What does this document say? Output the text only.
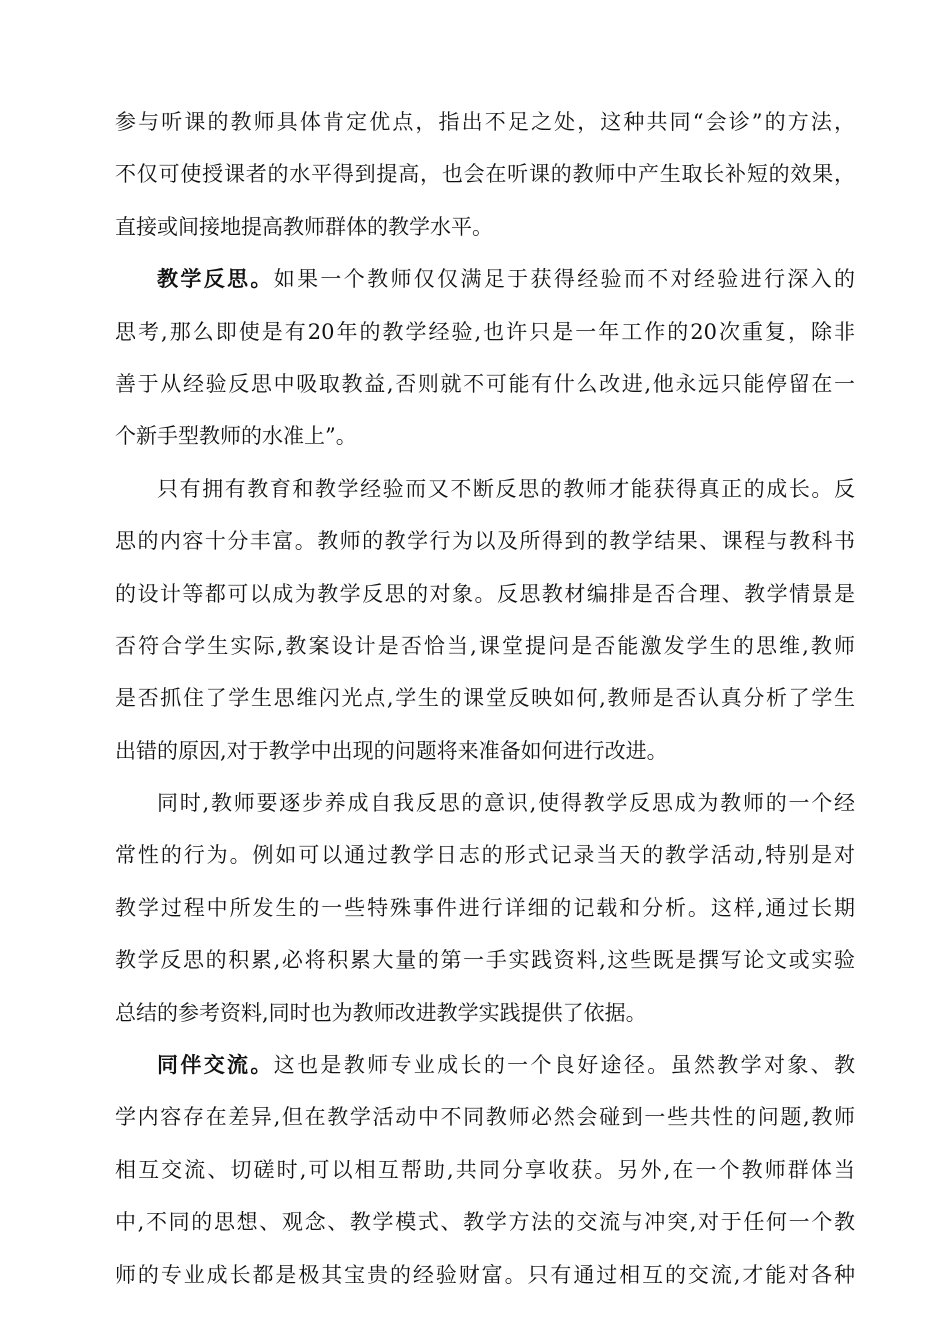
参与听课的教师具体肯定优点，指出不足之处，这种共同“会诊”的方法，
不仅可使授课者的水平得到提高，也会在听课的教师中产生取长补短的效果，
直接或间接地提高教师群体的教学水平。
教学反思。如果一个教师仅仅满足于获得经验而不对经验进行深入的
思考,那么即使是有20年的教学经验,也许只是一年工作的20次重复，除非
善于从经验反思中吸取教益,否则就不可能有什么改进,他永远只能停留在一
个新手型教师的水准上”。
只有拥有教育和教学经验而又不断反思的教师才能获得真正的成长。反
思的内容十分丰富。教师的教学行为以及所得到的教学结果、课程与教科书
的设计等都可以成为教学反思的对象。反思教材编排是否合理、教学情景是
否符合学生实际,教案设计是否恰当,课堂提问是否能激发学生的思维,教师
是否抓住了学生思维闪光点,学生的课堂反映如何,教师是否认真分析了学生
出错的原因,对于教学中出现的问题将来准备如何进行改进。
同时,教师要逐步养成自我反思的意识,使得教学反思成为教师的一个经
常性的行为。例如可以通过教学日志的形式记录当天的教学活动,特别是对
教学过程中所发生的一些特殊事件进行详细的记载和分析。这样,通过长期
教学反思的积累,必将积累大量的第一手实践资料,这些既是撰写论文或实验
总结的参考资料,同时也为教师改进教学实践提供了依据。
同伴交流。这也是教师专业成长的一个良好途径。虽然教学对象、教
学内容存在差异,但在教学活动中不同教师必然会碰到一些共性的问题,教师
相互交流、切磋时,可以相互帮助,共同分享收获。另外,在一个教师群体当
中,不同的思想、观念、教学模式、教学方法的交流与冲突,对于任何一个教
师的专业成长都是极其宝贵的经验财富。只有通过相互的交流,才能对各种
